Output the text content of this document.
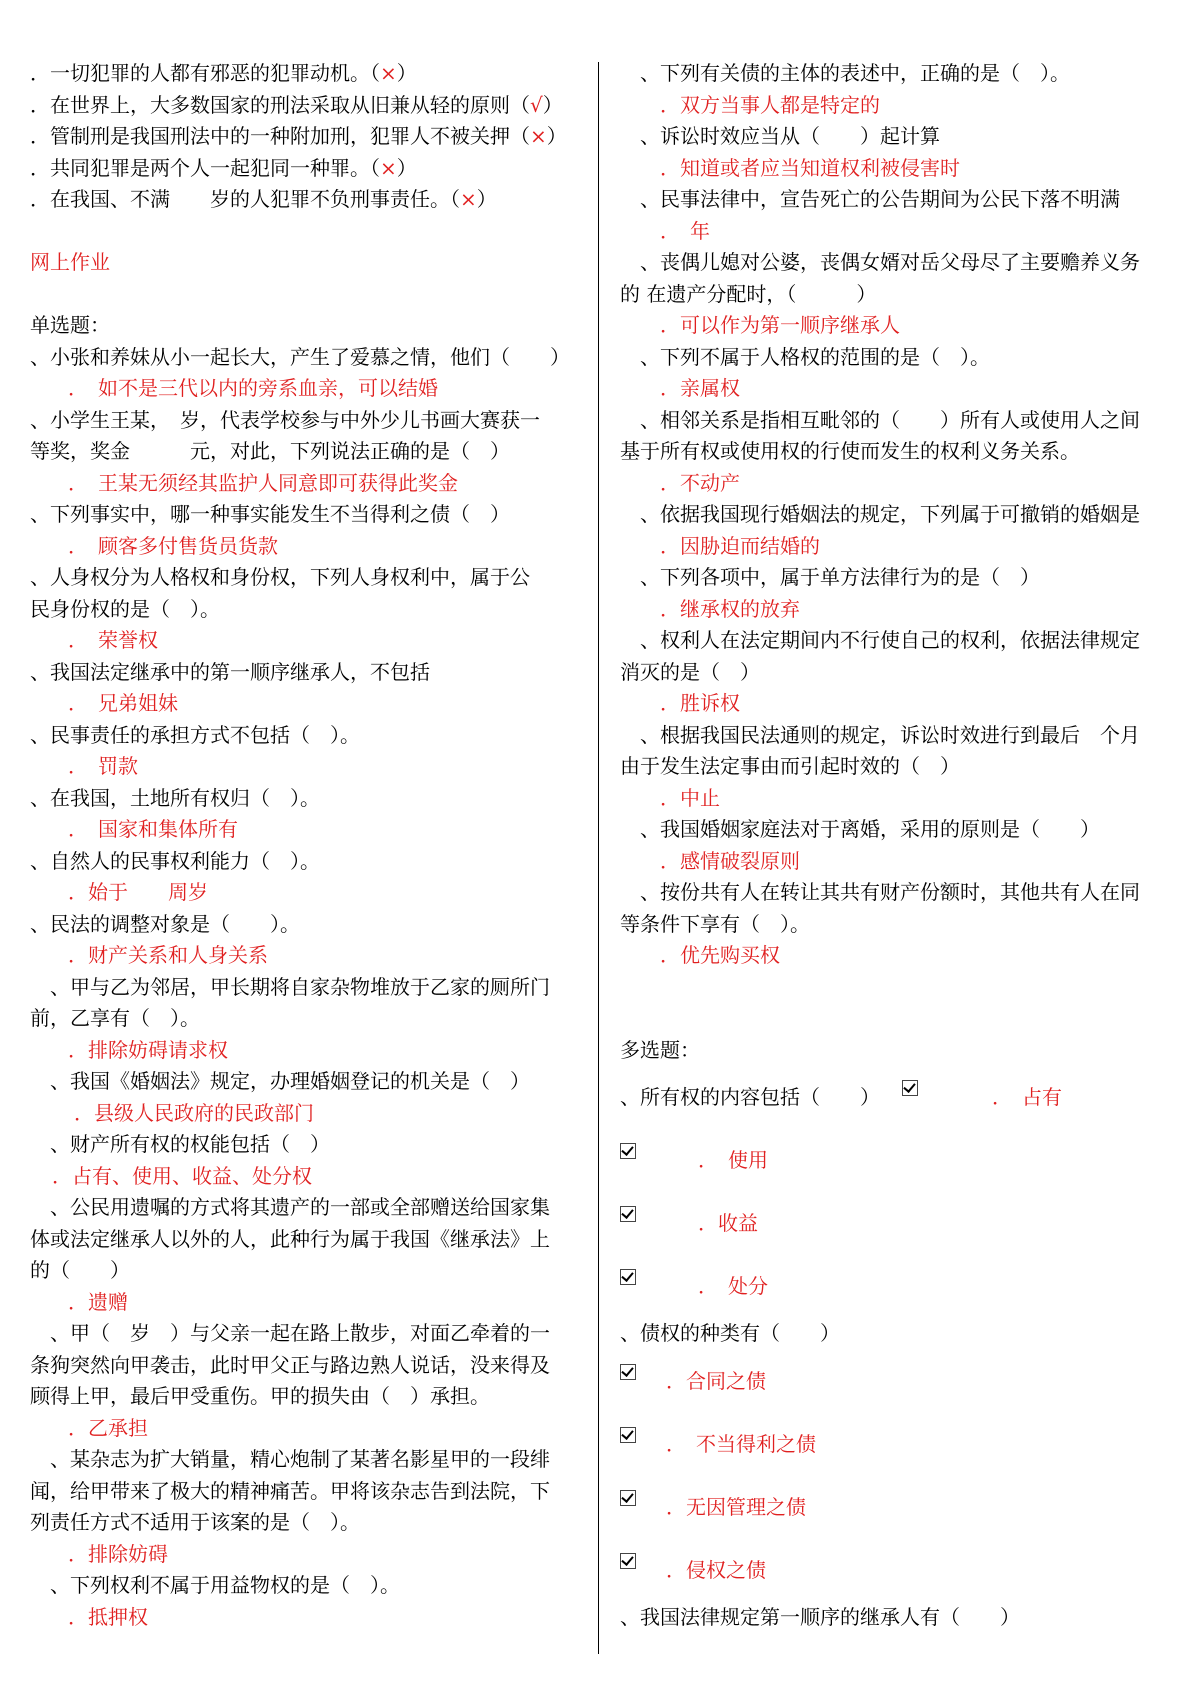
．一切犯罪的人都有邪恶的犯罪动机。（×）
．在世界上，大多数国家的刑法采取从旧兼从轻的原则（√）
．管制刑是我国刑法中的一种附加刑，犯罪人不被关押（×）
．共同犯罪是两个人一起犯同一种罪。（×）
．在我国、不满　　岁的人犯罪不负刑事责任。（×）
网上作业
单选题：
、小张和养妹从小一起长大，产生了爱慕之情，他们（　　）
．　如不是三代以内的旁系血亲，可以结婚
、小学生王某，　岁，代表学校参与中外少儿书画大赛获一
等奖，奖金　　　元，对此，下列说法正确的是（　）
．　王某无须经其监护人同意即可获得此奖金
、下列事实中，哪一种事实能发生不当得利之债（　）
．　顾客多付售货员货款
、人身权分为人格权和身份权，下列人身权利中，属于公
民身份权的是（　）。
．　荣誉权
、我国法定继承中的第一顺序继承人，不包括
．　兄弟姐妹
、民事责任的承担方式不包括（　）。
．　罚款
、在我国，土地所有权归（　）。
．　国家和集体所有
、自然人的民事权利能力（　）。
．始于　　周岁
、民法的调整对象是（　　）。
．财产关系和人身关系
　、甲与乙为邻居，甲长期将自家杂物堆放于乙家的厕所门
前，乙享有（　）。
．排除妨碍请求权
　、我国《婚姻法》规定，办理婚姻登记的机关是（　）
．县级人民政府的民政部门
　、财产所有权的权能包括（　）
．占有、使用、收益、处分权
　、公民用遗嘱的方式将其遗产的一部或全部赠送给国家集
体或法定继承人以外的人，此种行为属于我国《继承法》上
的（　　）
．遗赠
　、甲（　岁　）与父亲一起在路上散步，对面乙牵着的一
条狗突然向甲袭击，此时甲父正与路边熟人说话，没来得及
顾得上甲，最后甲受重伤。甲的损失由（　）承担。
．乙承担
　、某杂志为扩大销量，精心炮制了某著名影星甲的一段绯
闻，给甲带来了极大的精神痛苦。甲将该杂志告到法院，下
列责任方式不适用于该案的是（　）。
．排除妨碍
　、下列权利不属于用益物权的是（　）。
．抵押权
　、下列有关债的主体的表述中，正确的是（　）。
．双方当事人都是特定的
　、诉讼时效应当从（　　）起计算
．知道或者应当知道权利被侵害时
　、民事法律中，宣告死亡的公告期间为公民下落不明满
．　年
　、丧偶儿媳对公婆，丧偶女婿对岳父母尽了主要赡养义务
的 在遗产分配时，（　　　）
．可以作为第一顺序继承人
　、下列不属于人格权的范围的是（　）。
．亲属权
　、相邻关系是指相互毗邻的（　　）所有人或使用人之间
基于所有权或使用权的行使而发生的权利义务关系。
．不动产
　、依据我国现行婚姻法的规定，下列属于可撤销的婚姻是
．因胁迫而结婚的
　、下列各项中，属于单方法律行为的是（　）
．继承权的放弃
　、权利人在法定期间内不行使自己的权利，依据法律规定
消灭的是（　）
．胜诉权
　、根据我国民法通则的规定，诉讼时效进行到最后　个月
由于发生法定事由而引起时效的（　）
．中止
　、我国婚姻家庭法对于离婚，采用的原则是（　　）
．感情破裂原则
　、按份共有人在转让其共有财产份额时，其他共有人在同
等条件下享有（　）。
．优先购买权
多选题：
、所有权的内容包括（　　）	．　占有
．　使用
．收益
．　处分
、债权的种类有（　　）
．合同之债
．　不当得利之债
．无因管理之债
．侵权之债
、我国法律规定第一顺序的继承人有（　　）
